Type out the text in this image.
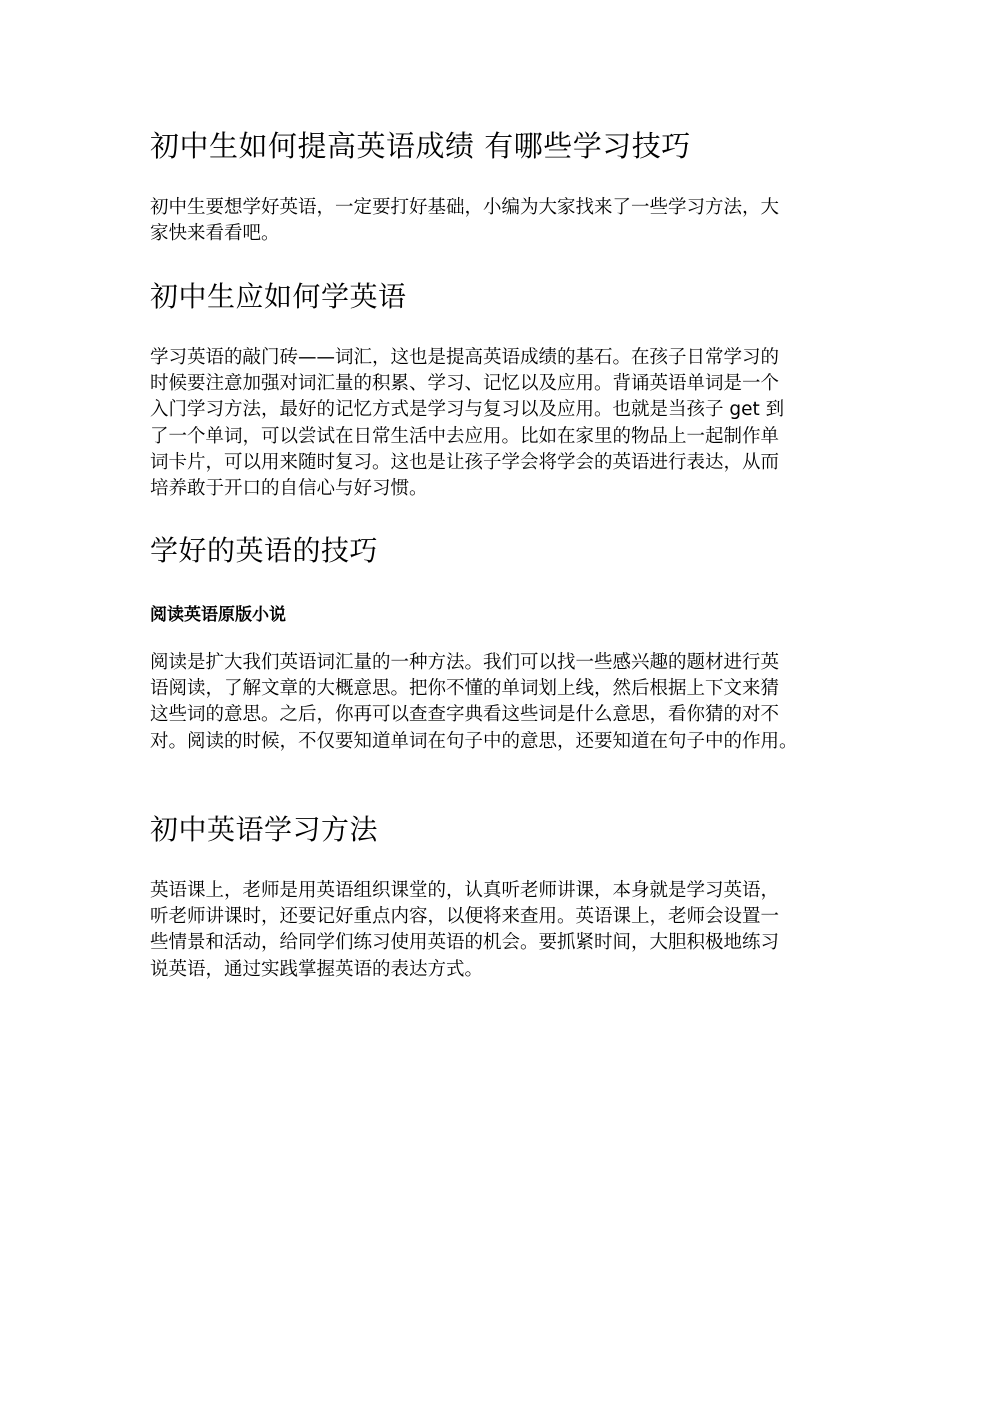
初中生如何提高英语成绩 有哪些学习技巧
初中生要想学好英语，一定要打好基础，小编为大家找来了一些学习方法，大
家快来看看吧。
初中生应如何学英语
学习英语的敲门砖——词汇，这也是提高英语成绩的基石。在孩子日常学习的
时候要注意加强对词汇量的积累、学习、记忆以及应用。背诵英语单词是一个
入门学习方法，最好的记忆方式是学习与复习以及应用。也就是当孩子 get 到
了一个单词，可以尝试在日常生活中去应用。比如在家里的物品上一起制作单
词卡片，可以用来随时复习。这也是让孩子学会将学会的英语进行表达，从而
培养敢于开口的自信心与好习惯。
学好的英语的技巧
阅读英语原版小说
阅读是扩大我们英语词汇量的一种方法。我们可以找一些感兴趣的题材进行英
语阅读，了解文章的大概意思。把你不懂的单词划上线，然后根据上下文来猜
这些词的意思。之后，你再可以查查字典看这些词是什么意思，看你猜的对不
对。阅读的时候，不仅要知道单词在句子中的意思，还要知道在句子中的作用。
初中英语学习方法
英语课上，老师是用英语组织课堂的，认真听老师讲课，本身就是学习英语，
听老师讲课时，还要记好重点内容，以便将来查用。英语课上，老师会设置一
些情景和活动，给同学们练习使用英语的机会。要抓紧时间，大胆积极地练习
说英语，通过实践掌握英语的表达方式。
